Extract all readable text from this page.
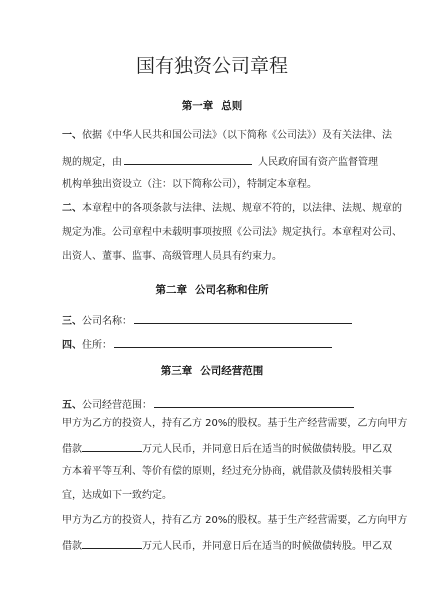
国有独资公司章程
第一章 总则
一、依据《中华人民共和国公司法》（以下简称《公司法》）及有关法律、法
规的规定，由	人民政府国有资产监督管理
机构单独出资设立（注：以下简称公司），特制定本章程。
二、本章程中的各项条款与法律、法规、规章不符的，以法律、法规、规章的
规定为准。公司章程中未载明事项按照《公司法》规定执行。本章程对公司、
出资人、董事、监事、高级管理人员具有约束力。
第二章 公司名称和住所
三、公司名称：
四、住所：
第三章 公司经营范围
五、公司经营范围：
甲方为乙方的投资人，持有乙方 20%的股权。基于生产经营需要，乙方向甲方
借款	万元人民币，并同意日后在适当的时候做债转股。甲乙双
方本着平等互利、等价有偿的原则，经过充分协商，就借款及债转股相关事
宜，达成如下一致约定。
甲方为乙方的投资人，持有乙方 20%的股权。基于生产经营需要，乙方向甲方
借款	万元人民币，并同意日后在适当的时候做债转股。甲乙双
